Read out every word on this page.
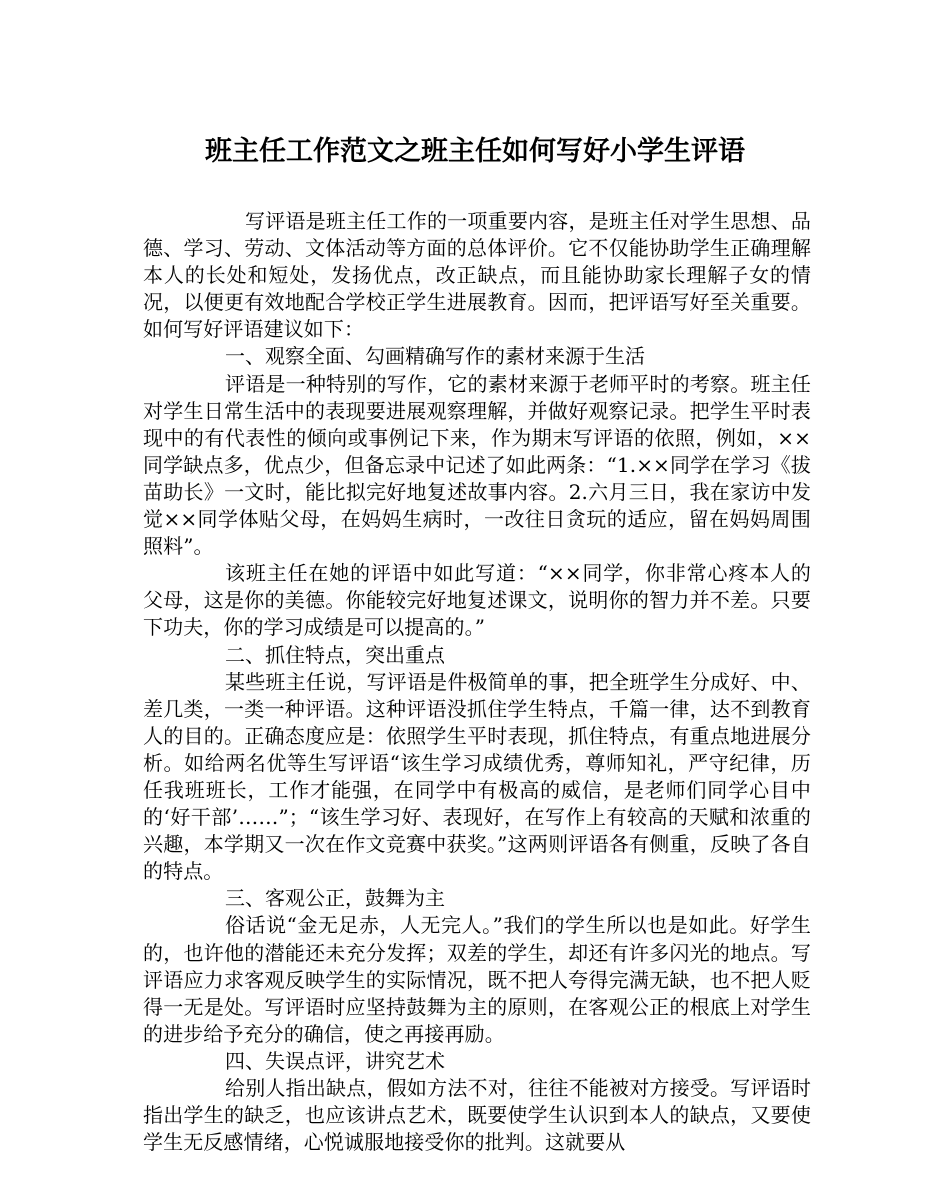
班主任工作范文之班主任如何写好小学生评语

写评语是班主任工作的一项重要内容，是班主任对学生思想、品德、学习、劳动、文体活动等方面的总体评价。它不仅能协助学生正确理解本人的长处和短处，发扬优点，改正缺点，而且能协助家长理解子女的情况，以便更有效地配合学校正学生进展教育。因而，把评语写好至关重要。如何写好评语建议如下：

一、观察全面、勾画精确写作的素材来源于生活

评语是一种特别的写作，它的素材来源于老师平时的考察。班主任对学生日常生活中的表现要进展观察理解，并做好观察记录。把学生平时表现中的有代表性的倾向或事例记下来，作为期末写评语的依照，例如，××同学缺点多，优点少，但备忘录中记述了如此两条：“1.××同学在学习《拔苗助长》一文时，能比拟完好地复述故事内容。2.六月三日，我在家访中发觉××同学体贴父母，在妈妈生病时，一改往日贪玩的适应，留在妈妈周围照料”。

该班主任在她的评语中如此写道：“××同学，你非常心疼本人的父母，这是你的美德。你能较完好地复述课文，说明你的智力并不差。只要下功夫，你的学习成绩是可以提高的。”

二、抓住特点，突出重点

某些班主任说，写评语是件极简单的事，把全班学生分成好、中、差几类，一类一种评语。这种评语没抓住学生特点，千篇一律，达不到教育人的目的。正确态度应是：依照学生平时表现，抓住特点，有重点地进展分析。如给两名优等生写评语“该生学习成绩优秀，尊师知礼，严守纪律，历任我班班长，工作才能强，在同学中有极高的威信，是老师们同学心目中的‘好干部’……”；“该生学习好、表现好，在写作上有较高的天赋和浓重的兴趣，本学期又一次在作文竞赛中获奖。”这两则评语各有侧重，反映了各自的特点。

三、客观公正，鼓舞为主

俗话说“金无足赤，人无完人。”我们的学生所以也是如此。好学生的，也许他的潜能还未充分发挥；双差的学生，却还有许多闪光的地点。写评语应力求客观反映学生的实际情况，既不把人夸得完满无缺，也不把人贬得一无是处。写评语时应坚持鼓舞为主的原则，在客观公正的根底上对学生的进步给予充分的确信，使之再接再励。

四、失误点评，讲究艺术

给别人指出缺点，假如方法不对，往往不能被对方接受。写评语时指出学生的缺乏，也应该讲点艺术，既要使学生认识到本人的缺点，又要使学生无反感情绪，心悦诚服地接受你的批判。这就要从
